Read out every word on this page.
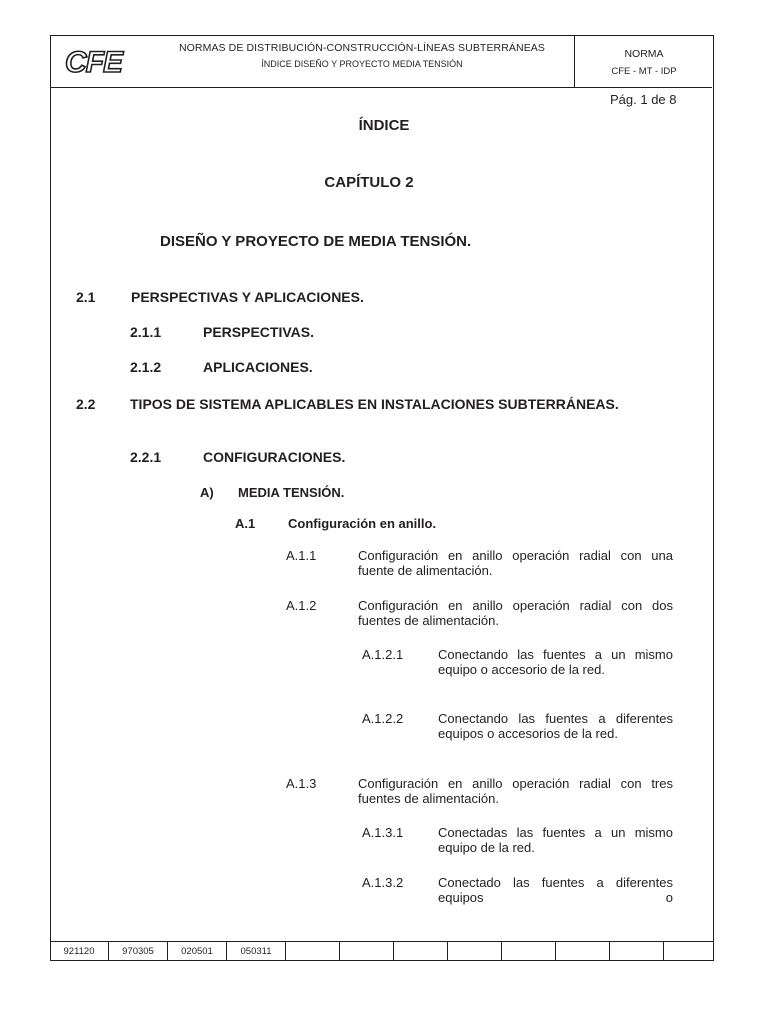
CFE	NORMAS DE DISTRIBUCIÓN-CONSTRUCCIÓN-LÍNEAS SUBTERRÁNEAS
ÍNDICE DISEÑO Y PROYECTO MEDIA TENSIÓN
NORMA
CFE - MT - IDP
Pág. 1 de 8
ÍNDICE
CAPÍTULO 2
DISEÑO Y PROYECTO DE MEDIA TENSIÓN.
2.1	PERSPECTIVAS Y APLICACIONES.
2.1.1	PERSPECTIVAS.
2.1.2	APLICACIONES.
2.2 TIPOS DE SISTEMA APLICABLES EN INSTALACIONES SUBTERRÁNEAS.
2.2.1	CONFIGURACIONES.
A) MEDIA TENSIÓN.
A.1	Configuración en anillo.
A.1.1	Configuración en anillo operación radial con una fuente de alimentación.
A.1.2	Configuración en anillo operación radial con dos fuentes de alimentación.
A.1.2.1	Conectando las fuentes a un mismo equipo o accesorio de la red.
A.1.2.2	Conectando las fuentes a diferentes equipos o accesorios de la red.
A.1.3	Configuración en anillo operación radial con tres fuentes de alimentación.
A.1.3.1	Conectadas las fuentes a un mismo equipo de la red.
A.1.3.2	Conectado las fuentes a diferentes equipos o
921120	970305	020501	050311								
